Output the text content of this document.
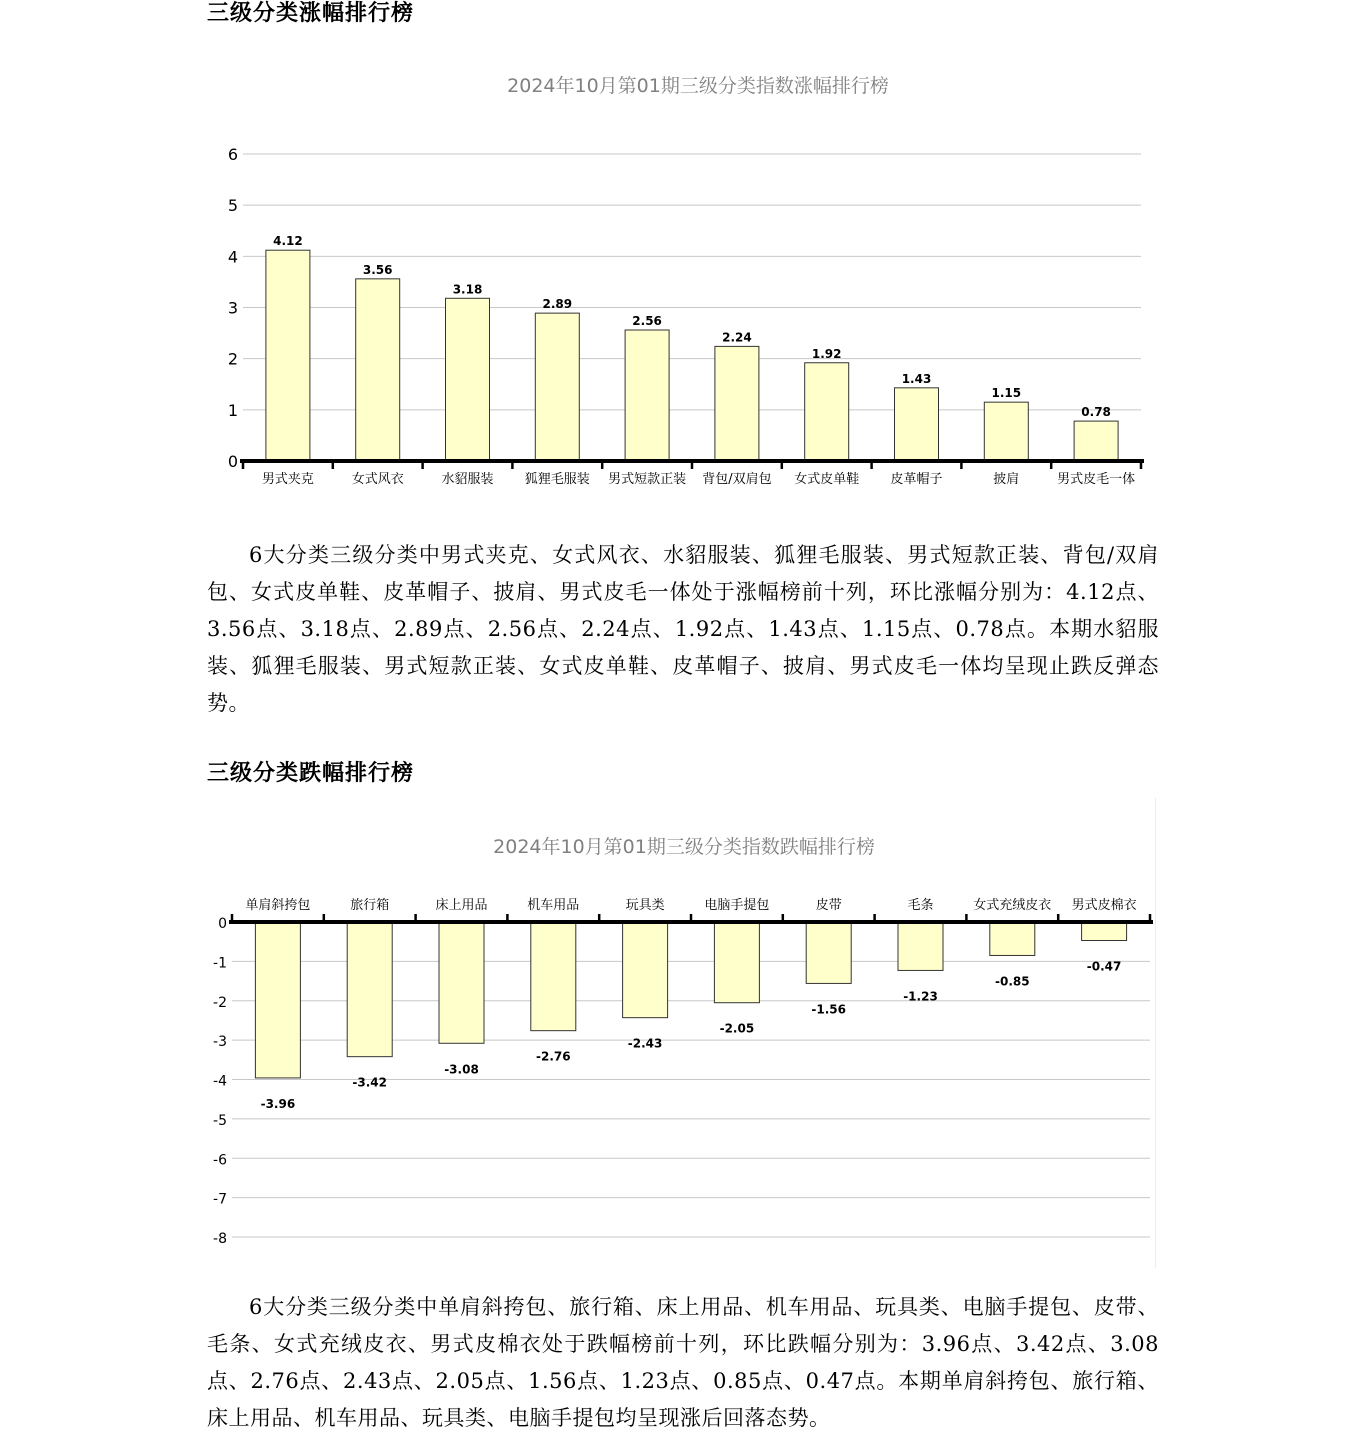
三级分类涨幅排行榜
2024年10月第01期三级分类指数涨幅排行榜
0
1
2
3
4
5
6
4.12
男式夹克
3.56
女式风衣
3.18
水貂服装
2.89
狐狸毛服装
2.56
男式短款正装
2.24
背包/双肩包
1.92
女式皮单鞋
1.43
皮革帽子
1.15
披肩
0.78
男式皮毛一体

6大分类三级分类中男式夹克、女式风衣、水貂服装、狐狸毛服装、男式短款正装、背包/双肩包、女式皮单鞋、皮革帽子、披肩、男式皮毛一体处于涨幅榜前十列，环比涨幅分别为：4.12点、3.56点、3.18点、2.89点、2.56点、2.24点、1.92点、1.43点、1.15点、0.78点。本期水貂服装、狐狸毛服装、男式短款正装、女式皮单鞋、皮革帽子、披肩、男式皮毛一体均呈现止跌反弹态势。

三级分类跌幅排行榜
2024年10月第01期三级分类指数跌幅排行榜
0
-1
-2
-3
-4
-5
-6
-7
-8
-3.96
单肩斜挎包
-3.42
旅行箱
-3.08
床上用品
-2.76
机车用品
-2.43
玩具类
-2.05
电脑手提包
-1.56
皮带
-1.23
毛条
-0.85
女式充绒皮衣
-0.47
男式皮棉衣

6大分类三级分类中单肩斜挎包、旅行箱、床上用品、机车用品、玩具类、电脑手提包、皮带、毛条、女式充绒皮衣、男式皮棉衣处于跌幅榜前十列，环比跌幅分别为：3.96点、3.42点、3.08点、2.76点、2.43点、2.05点、1.56点、1.23点、0.85点、0.47点。本期单肩斜挎包、旅行箱、床上用品、机车用品、玩具类、电脑手提包均呈现涨后回落态势。
